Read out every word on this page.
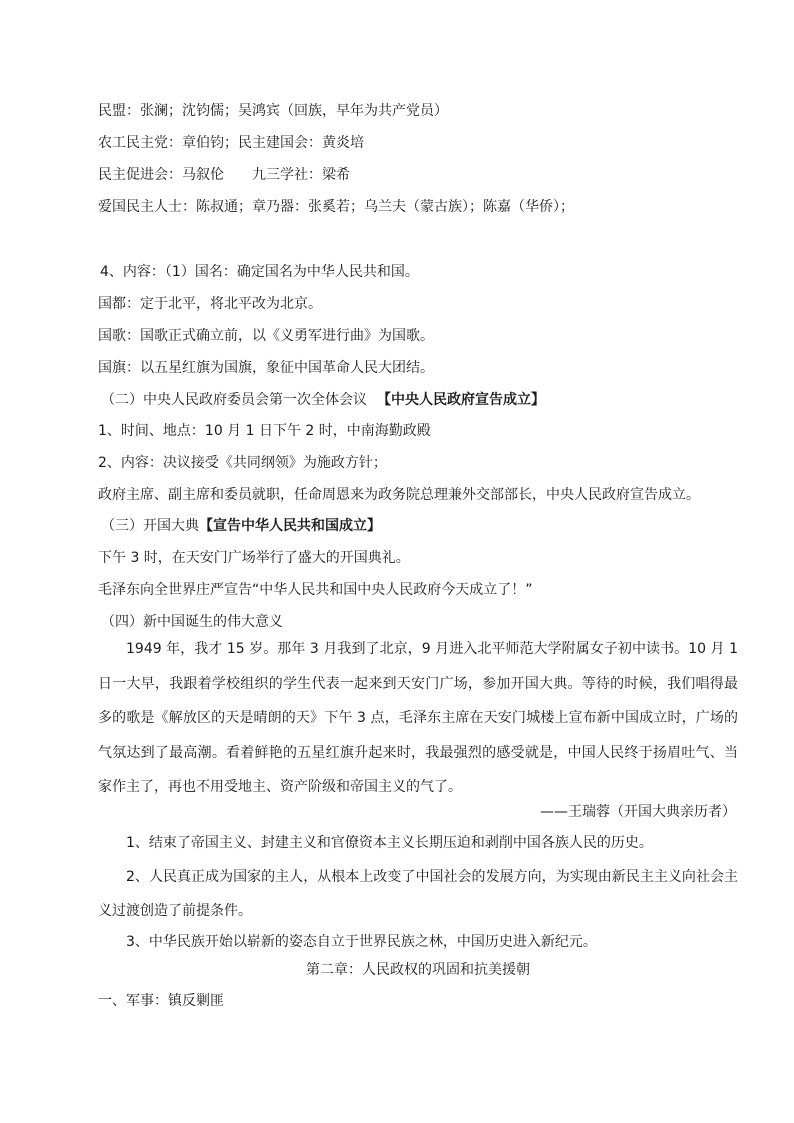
民盟：张澜；沈钧儒；吴鸿宾（回族，早年为共产党员）
农工民主党：章伯钧；民主建国会：黄炎培
民主促进会：马叙伦　　九三学社：梁希
爱国民主人士：陈叔通；章乃器：张奚若；乌兰夫（蒙古族）；陈嘉（华侨）；
4、内容：（1）国名：确定国名为中华人民共和国。
国都：定于北平，将北平改为北京。
国歌：国歌正式确立前，以《义勇军进行曲》为国歌。
国旗：以五星红旗为国旗，象征中国革命人民大团结。
（二）中央人民政府委员会第一次全体会议 【中央人民政府宣告成立】
1、时间、地点：10 月 1 日下午 2 时，中南海勤政殿
2、内容：决议接受《共同纲领》为施政方针；
政府主席、副主席和委员就职，任命周恩来为政务院总理兼外交部部长，中央人民政府宣告成立。
（三）开国大典【宣告中华人民共和国成立】
下午 3 时，在天安门广场举行了盛大的开国典礼。
毛泽东向全世界庄严宣告“中华人民共和国中央人民政府今天成立了！”
（四）新中国诞生的伟大意义
1949 年，我才 15 岁。那年 3 月我到了北京，9 月进入北平师范大学附属女子初中读书。10 月 1 日一大早，我跟着学校组织的学生代表一起来到天安门广场，参加开国大典。等待的时候，我们唱得最多的歌是《解放区的天是晴朗的天》下午 3 点，毛泽东主席在天安门城楼上宣布新中国成立时，广场的气氛达到了最高潮。看着鲜艳的五星红旗升起来时，我最强烈的感受就是，中国人民终于扬眉吐气、当家作主了，再也不用受地主、资产阶级和帝国主义的气了。
——王瑞蓉（开国大典亲历者）
1、结束了帝国主义、封建主义和官僚资本主义长期压迫和剥削中国各族人民的历史。
2、人民真正成为国家的主人，从根本上改变了中国社会的发展方向，为实现由新民主主义向社会主义过渡创造了前提条件。
3、中华民族开始以崭新的姿态自立于世界民族之林，中国历史进入新纪元。
第二章：人民政权的巩固和抗美援朝
一、军事：镇反剿匪
